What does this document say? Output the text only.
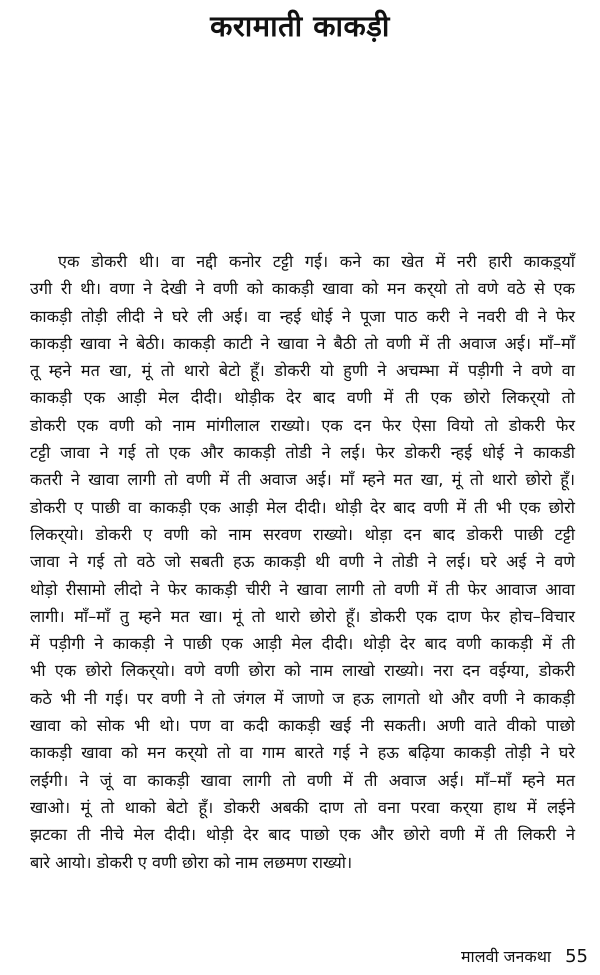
करामाती काकड़ी
एक डोकरी थी। वा नद्दी कनोर टट्टी गई। कने का खेत में नरी हारी काकड़्याँ
उगी री थी। वणा ने देखी ने वणी को काकड़ी खावा को मन कर्‌यो तो वणे वठे से एक
काकड़ी तोड़ी लीदी ने घरे ली अई। वा न्हई धोई ने पूजा पाठ करी ने नवरी वी ने फेर
काकड़ी खावा ने बेठी। काकड़ी काटी ने खावा ने बैठी तो वणी में ती अवाज अई। माँ–माँ
तू म्हने मत खा, मूं तो थारो बेटो हूँ। डोकरी यो हुणी ने अचम्भा में पड़ीगी ने वणे वा
काकड़ी एक आड़ी मेल दीदी। थोड़ीक देर बाद वणी में ती एक छोरो लिकर्‌यो तो
डोकरी एक वणी को नाम मांगीलाल राख्यो। एक दन फेर ऐसा वियो तो डोकरी फेर
टट्टी जावा ने गई तो एक और काकड़ी तोडी ने लई। फेर डोकरी न्हई धोई ने काकडी
कतरी ने खावा लागी तो वणी में ती अवाज अई। माँ म्हने मत खा, मूं तो थारो छोरो हूँ।
डोकरी ए पाछी वा काकड़ी एक आड़ी मेल दीदी। थोड़ी देर बाद वणी में ती भी एक छोरो
लिकर्‌यो। डोकरी ए वणी को नाम सरवण राख्यो। थोड़ा दन बाद डोकरी पाछी टट्टी
जावा ने गई तो वठे जो सबती हऊ काकड़ी थी वणी ने तोडी ने लई। घरे अई ने वणे
थोड़ो रीसामो लीदो ने फेर काकड़ी चीरी ने खावा लागी तो वणी में ती फेर आवाज आवा
लागी। माँ–माँ तु म्हने मत खा। मूं तो थारो छोरो हूँ। डोकरी एक दाण फेर होच–विचार
में पड़ीगी ने काकड़ी ने पाछी एक आड़ी मेल दीदी। थोड़ी देर बाद वणी काकड़ी में ती
भी एक छोरो लिकर्‌यो। वणे वणी छोरा को नाम लाखो राख्यो। नरा दन वईग्या, डोकरी
कठे भी नी गई। पर वणी ने तो जंगल में जाणो ज हऊ लागतो थो और वणी ने काकड़ी
खावा को सोक भी थो। पण वा कदी काकड़ी खई नी सकती। अणी वाते वीको पाछो
काकड़ी खावा को मन कर्‌यो तो वा गाम बारते गई ने हऊ बढ़िया काकड़ी तोड़ी ने घरे
लईगी। ने जूं वा काकड़ी खावा लागी तो वणी में ती अवाज अई। माँ–माँ म्हने मत
खाओ। मूं तो थाको बेटो हूँ। डोकरी अबकी दाण तो वना परवा कर्‌या हाथ में लईने
झटका ती नीचे मेल दीदी। थोड़ी देर बाद पाछो एक और छोरो वणी में ती लिकरी ने
बारे आयो। डोकरी ए वणी छोरा को नाम लछमण राख्यो।
मालवी जनकथा 55
